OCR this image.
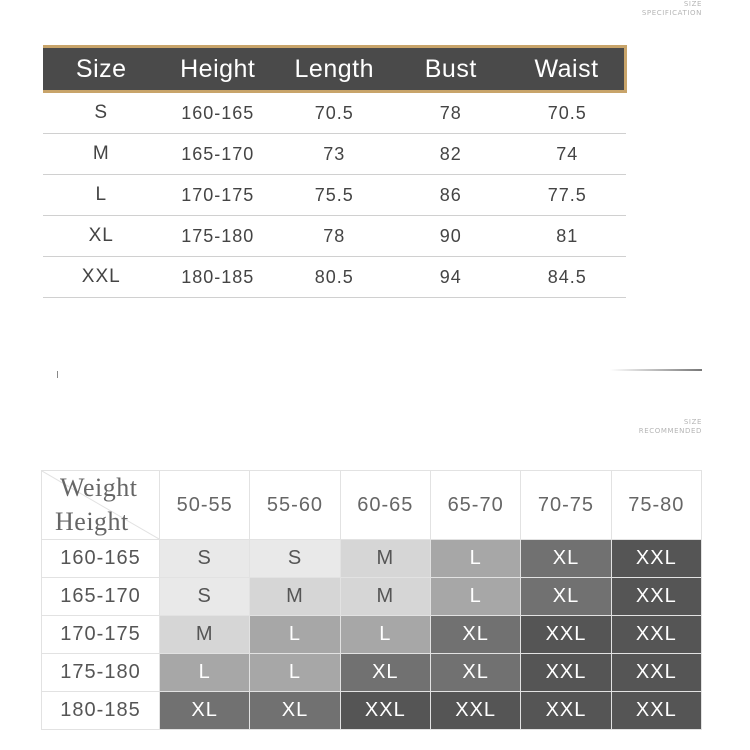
SIZE
SPECIFICATION
Size	Height	Length	Bust	Waist
S	160-165	70.5	78	70.5
M	165-170	73	82	74
L	170-175	75.5	86	77.5
XL	175-180	78	90	81
XXL	180-185	80.5	94	84.5
SIZE
RECOMMENDED
Weight
Height	50-55	55-60	60-65	65-70	70-75	75-80
160-165	S	S	M	L	XL	XXL
165-170	S	M	M	L	XL	XXL
170-175	M	L	L	XL	XXL	XXL
175-180	L	L	XL	XL	XXL	XXL
180-185	XL	XL	XXL	XXL	XXL	XXL
